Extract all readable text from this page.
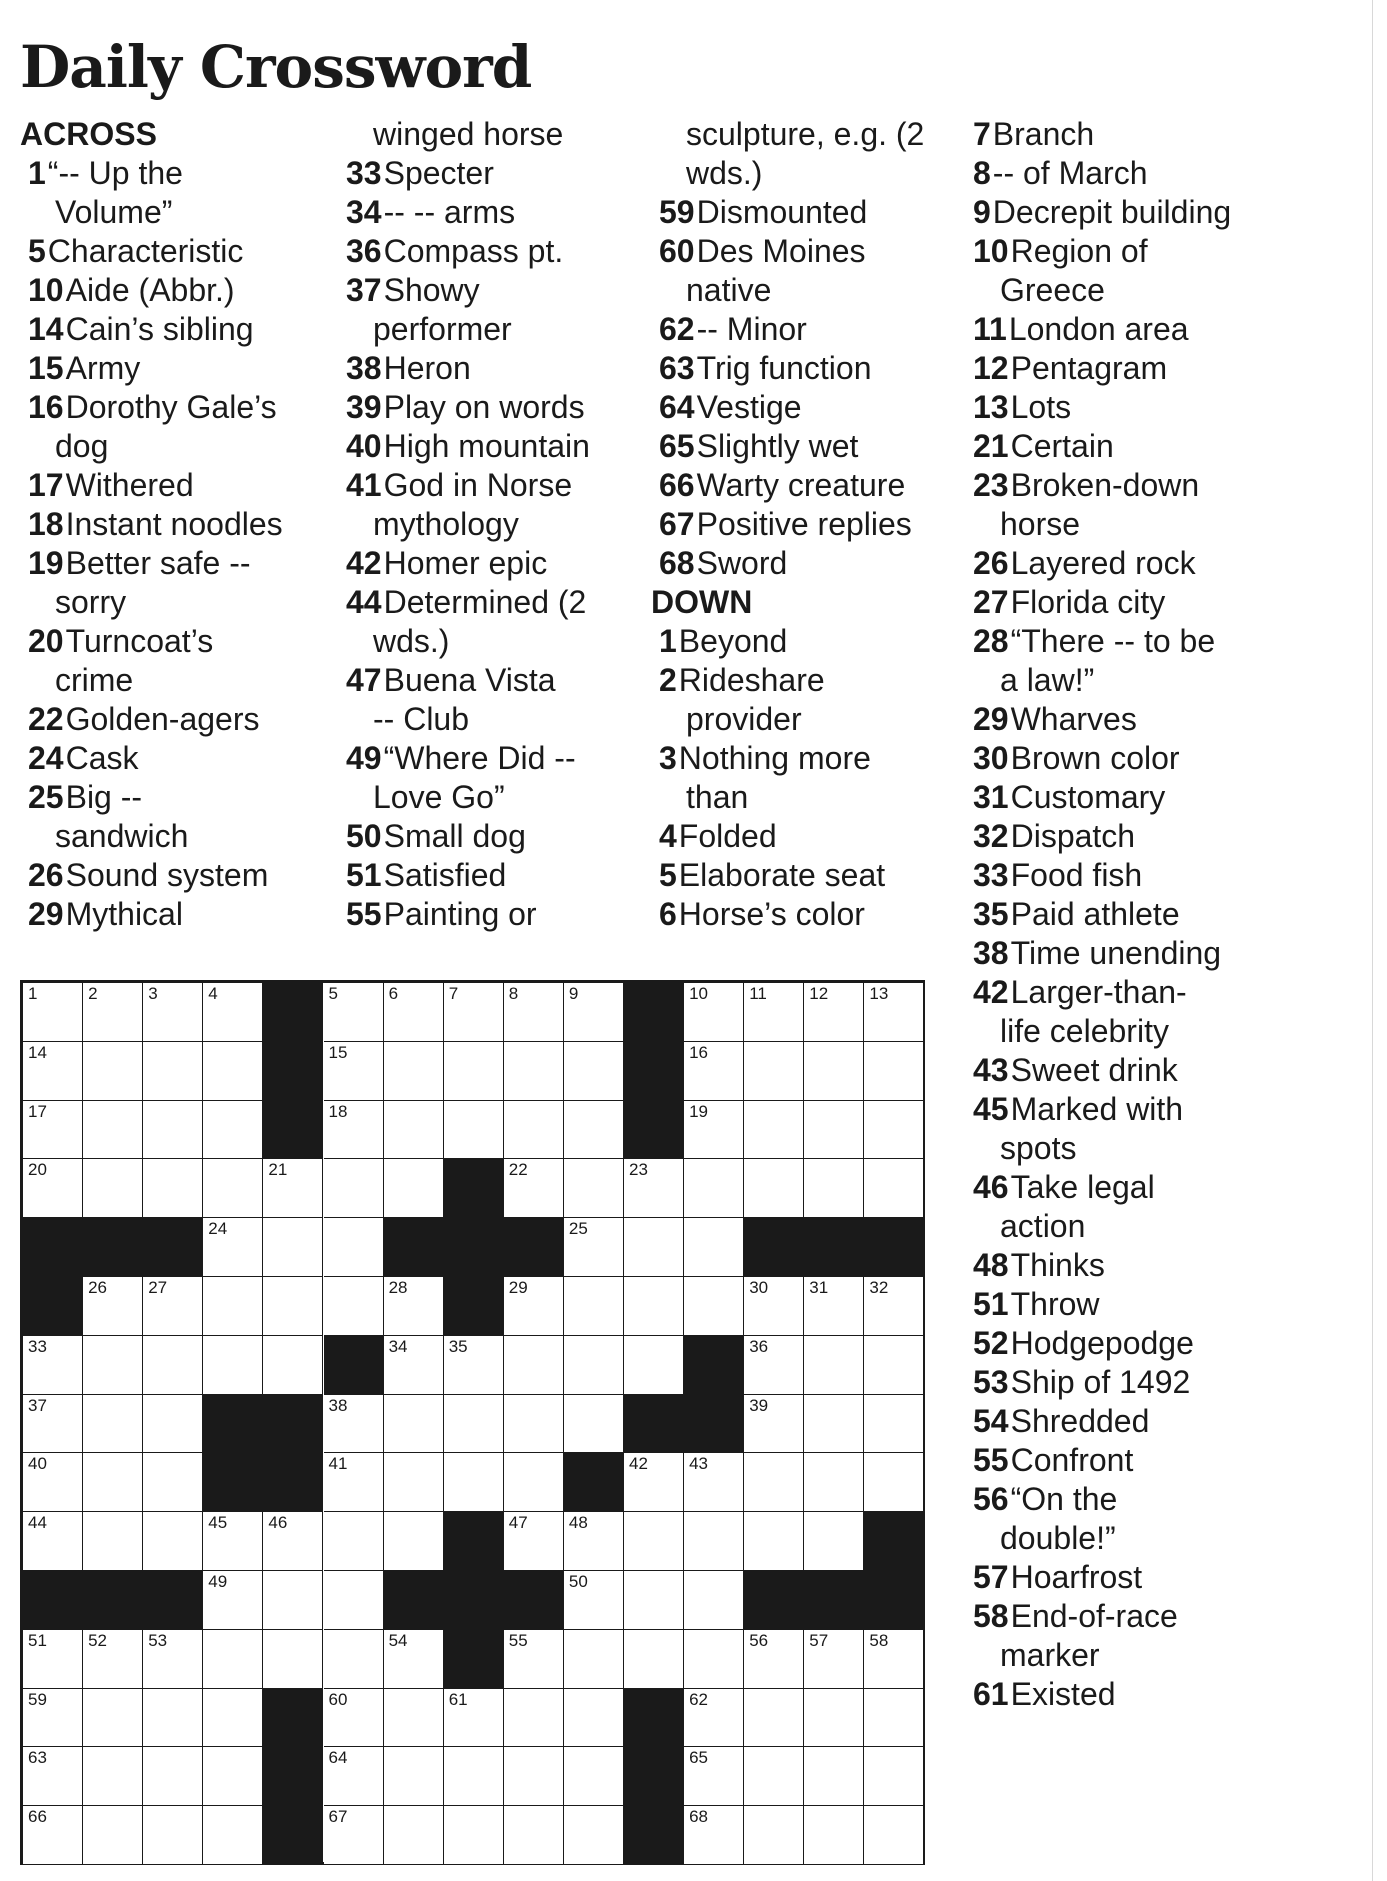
Daily Crossword
ACROSS
1“-- Up the
Volume”
5Characteristic
10Aide (Abbr.)
14Cain’s sibling
15Army
16Dorothy Gale’s
dog
17Withered
18Instant noodles
19Better safe --
sorry
20Turncoat’s
crime
22Golden-agers
24Cask
25Big --
sandwich
26Sound system
29Mythical
winged horse
33Specter
34-- -- arms
36Compass pt.
37Showy
performer
38Heron
39Play on words
40High mountain
41God in Norse
mythology
42Homer epic
44Determined (2
wds.)
47Buena Vista
-- Club
49“Where Did --
Love Go”
50Small dog
51Satisfied
55Painting or
sculpture, e.g. (2
wds.)
59Dismounted
60Des Moines
native
62-- Minor
63Trig function
64Vestige
65Slightly wet
66Warty creature
67Positive replies
68Sword
DOWN
1Beyond
2Rideshare
provider
3Nothing more
than
4Folded
5Elaborate seat
6Horse’s color
7Branch
8-- of March
9Decrepit building
10Region of
Greece
11London area
12Pentagram
13Lots
21Certain
23Broken-down
horse
26Layered rock
27Florida city
28“There -- to be
a law!”
29Wharves
30Brown color
31Customary
32Dispatch
33Food fish
35Paid athlete
38Time unending
42Larger-than-
life celebrity
43Sweet drink
45Marked with
spots
46Take legal
action
48Thinks
51Throw
52Hodgepodge
53Ship of 1492
54Shredded
55Confront
56“On the
double!”
57Hoarfrost
58End-of-race
marker
61Existed
1	2	3	4	5	6	7	8	9	10 11 12 13
14	15	16
17	18	19
20	21	22	23
24	25
26 27	28	29	30 31 32
33	34 35	36
37	38	39
40	41	42 43
44	45 46	47 48
49	50
51 52 53	54	55	56 57 58
59	60	61	62
63	64	65
66	67	68
